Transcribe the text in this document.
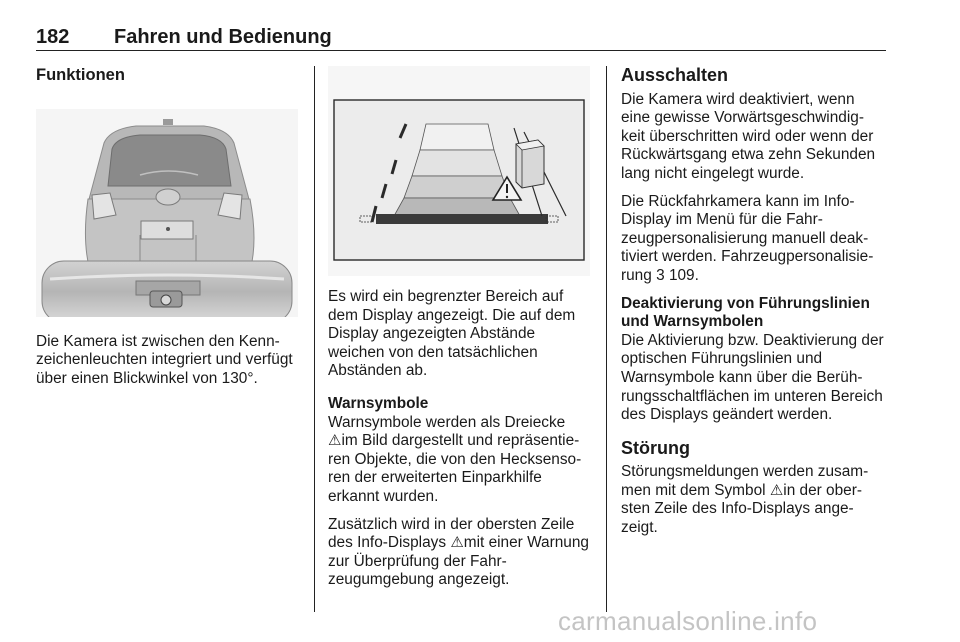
182 Fahren und Bedienung
Funktionen

Die Kamera ist zwischen den Kenn-zeichenleuchten integriert und verfügt über einen Blickwinkel von 130°.

Es wird ein begrenzter Bereich auf dem Display angezeigt. Die auf dem Display angezeigten Abstände weichen von den tatsächlichen Abständen ab.

Warnsymbole

Warnsymbole werden als Dreiecke
⚠im Bild dargestellt und repräsentie-ren Objekte, die von den Hecksenso-ren der erweiterten Einparkhilfe erkannt wurden.

Zusätzlich wird in der obersten Zeile des Info-Displays ⚠mit einer Warnung zur Überprüfung der Fahr-zeugumgebung angezeigt.

Ausschalten

Die Kamera wird deaktiviert, wenn eine gewisse Vorwärtsgeschwindig-keit überschritten wird oder wenn der Rückwärtsgang etwa zehn Sekunden lang nicht eingelegt wurde.

Die Rückfahrkamera kann im Info-Display im Menü für die Fahr-zeugpersonalisierung manuell deak-tiviert werden. Fahrzeugpersonalisie-rung 3 109.

Deaktivierung von Führungslinien und Warnsymbolen

Die Aktivierung bzw. Deaktivierung der optischen Führungslinien und Warnsymbole kann über die Berüh-rungsschaltflächen im unteren Bereich des Displays geändert werden.

Störung

Störungsmeldungen werden zusam-men mit dem Symbol ⚠in der ober-sten Zeile des Info-Displays ange-zeigt.

carmanualsonline.info
